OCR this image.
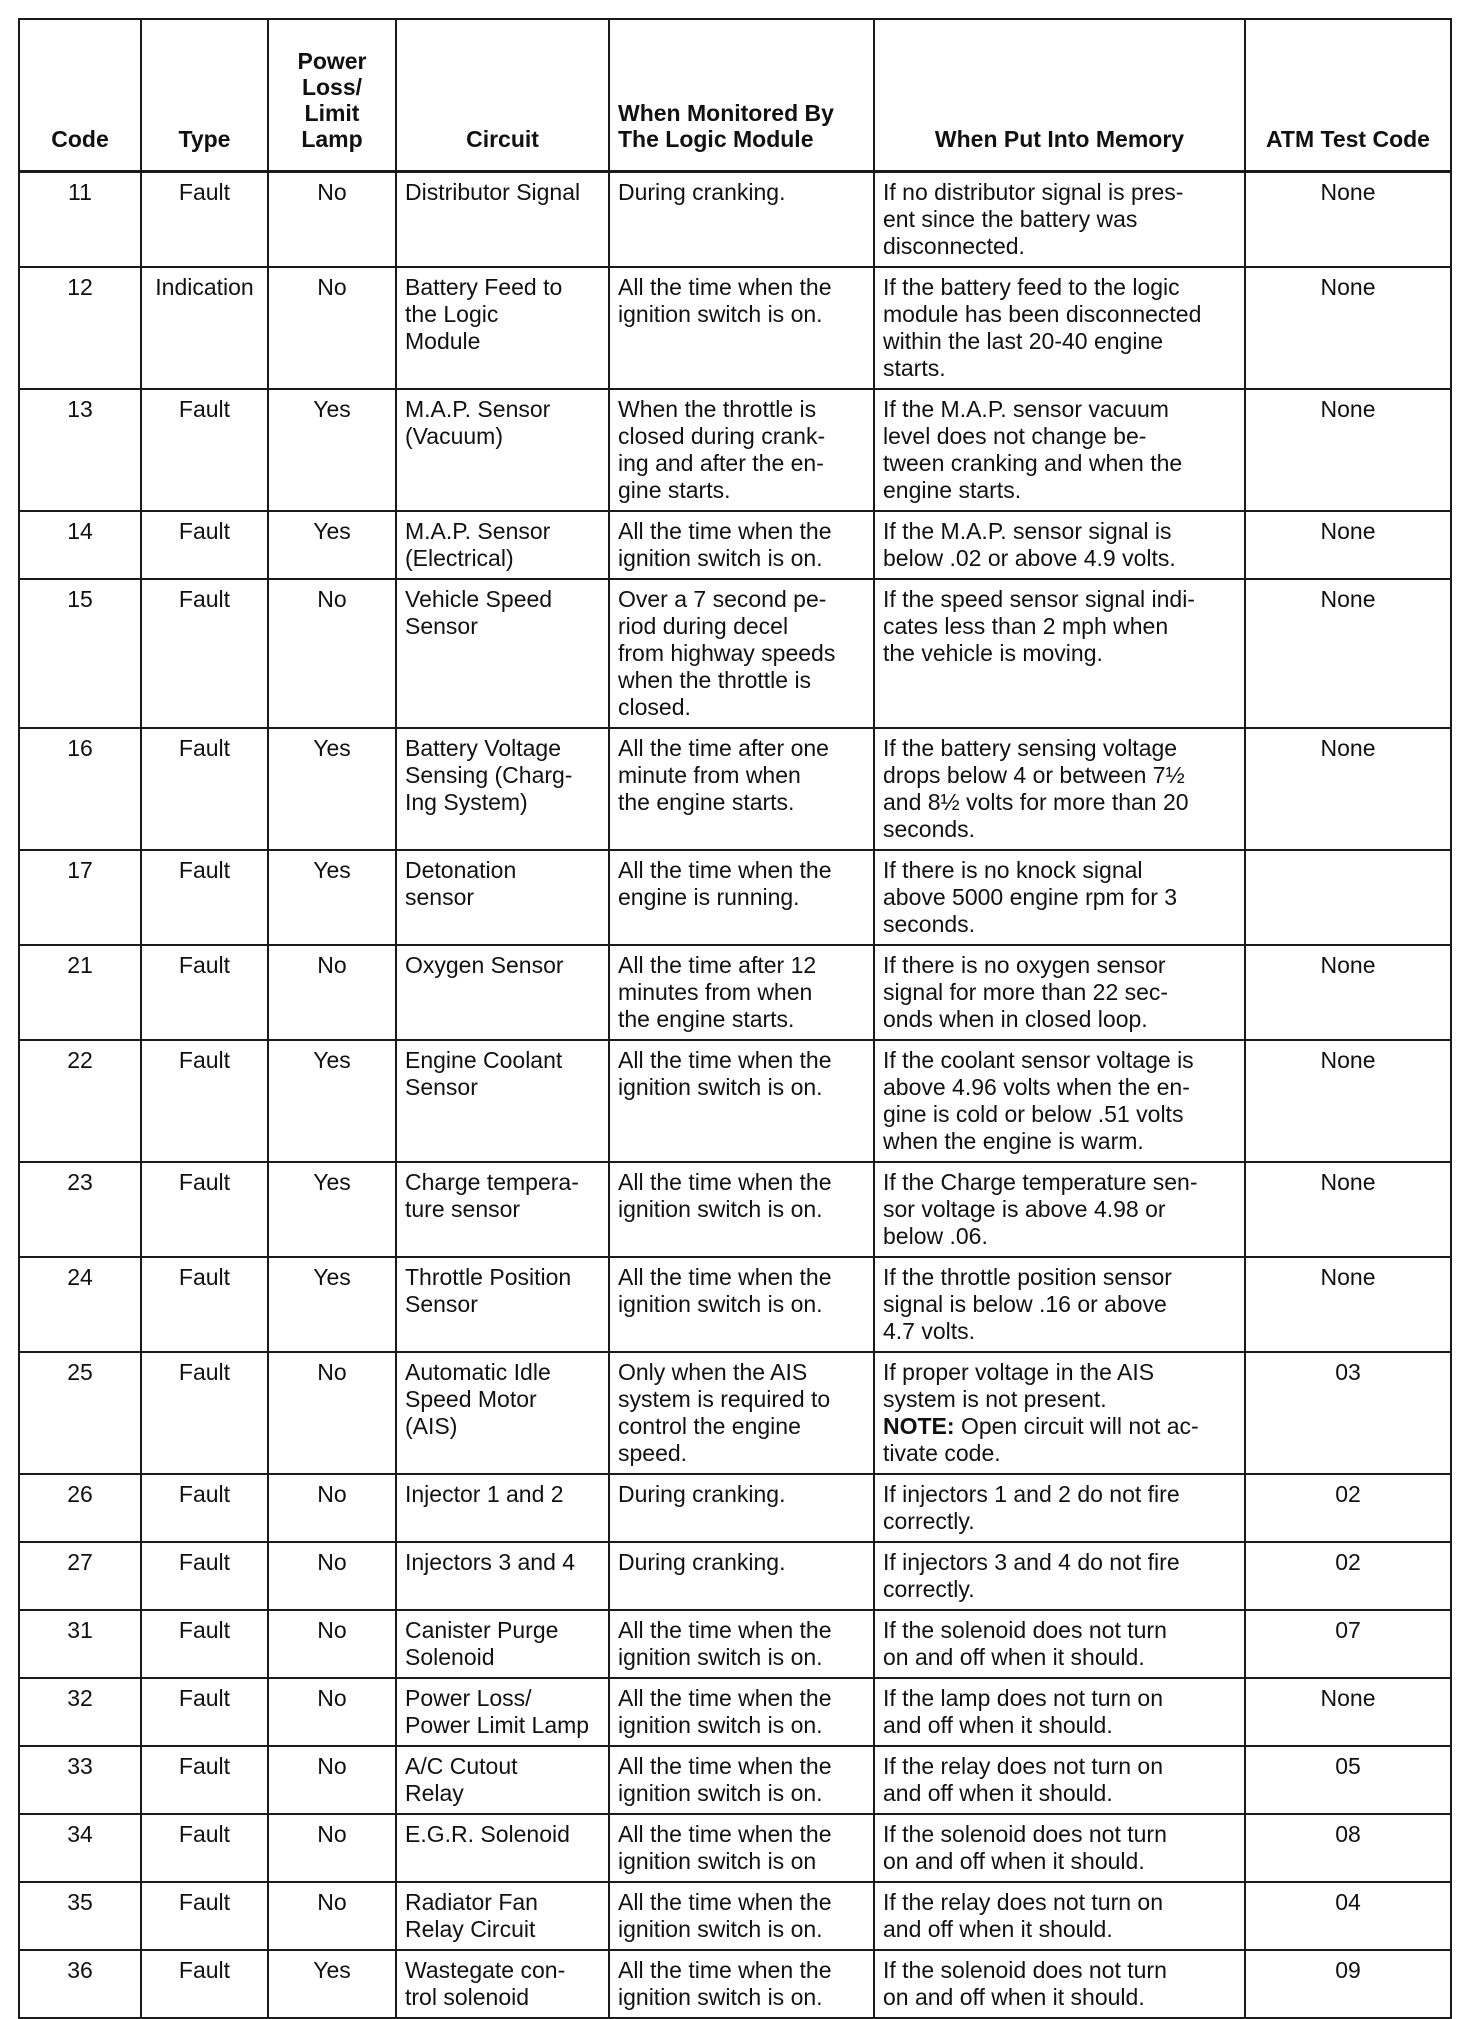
Code	Type	Power
Loss/
Limit
Lamp	Circuit	When Monitored By
The Logic Module	When Put Into Memory	ATM Test Code
11	Fault	No	Distributor Signal	During cranking.	If no distributor signal is pres-
ent since the battery was
disconnected.	None
12	Indication	No	Battery Feed to
the Logic
Module	All the time when the
ignition switch is on.	If the battery feed to the logic
module has been disconnected
within the last 20-40 engine
starts.	None
13	Fault	Yes	M.A.P. Sensor
(Vacuum)	When the throttle is
closed during crank-
ing and after the en-
gine starts.	If the M.A.P. sensor vacuum
level does not change be-
tween cranking and when the
engine starts.	None
14	Fault	Yes	M.A.P. Sensor
(Electrical)	All the time when the
ignition switch is on.	If the M.A.P. sensor signal is
below .02 or above 4.9 volts.	None
15	Fault	No	Vehicle Speed
Sensor	Over a 7 second pe-
riod during decel
from highway speeds
when the throttle is
closed.	If the speed sensor signal indi-
cates less than 2 mph when
the vehicle is moving.	None
16	Fault	Yes	Battery Voltage
Sensing (Charg-
Ing System)	All the time after one
minute from when
the engine starts.	If the battery sensing voltage
drops below 4 or between 7½
and 8½ volts for more than 20
seconds.	None
17	Fault	Yes	Detonation
sensor	All the time when the
engine is running.	If there is no knock signal
above 5000 engine rpm for 3
seconds.	
21	Fault	No	Oxygen Sensor	All the time after 12
minutes from when
the engine starts.	If there is no oxygen sensor
signal for more than 22 sec-
onds when in closed loop.	None
22	Fault	Yes	Engine Coolant
Sensor	All the time when the
ignition switch is on.	If the coolant sensor voltage is
above 4.96 volts when the en-
gine is cold or below .51 volts
when the engine is warm.	None
23	Fault	Yes	Charge tempera-
ture sensor	All the time when the
ignition switch is on.	If the Charge temperature sen-
sor voltage is above 4.98 or
below .06.	None
24	Fault	Yes	Throttle Position
Sensor	All the time when the
ignition switch is on.	If the throttle position sensor
signal is below .16 or above
4.7 volts.	None
25	Fault	No	Automatic Idle
Speed Motor
(AIS)	Only when the AIS
system is required to
control the engine
speed.	If proper voltage in the AIS
system is not present.
NOTE: Open circuit will not ac-
tivate code.	03
26	Fault	No	Injector 1 and 2	During cranking.	If injectors 1 and 2 do not fire
correctly.	02
27	Fault	No	Injectors 3 and 4	During cranking.	If injectors 3 and 4 do not fire
correctly.	02
31	Fault	No	Canister Purge
Solenoid	All the time when the
ignition switch is on.	If the solenoid does not turn
on and off when it should.	07
32	Fault	No	Power Loss/
Power Limit Lamp	All the time when the
ignition switch is on.	If the lamp does not turn on
and off when it should.	None
33	Fault	No	A/C Cutout
Relay	All the time when the
ignition switch is on.	If the relay does not turn on
and off when it should.	05
34	Fault	No	E.G.R. Solenoid	All the time when the
ignition switch is on	If the solenoid does not turn
on and off when it should.	08
35	Fault	No	Radiator Fan
Relay Circuit	All the time when the
ignition switch is on.	If the relay does not turn on
and off when it should.	04
36	Fault	Yes	Wastegate con-
trol solenoid	All the time when the
ignition switch is on.	If the solenoid does not turn
on and off when it should.	09
